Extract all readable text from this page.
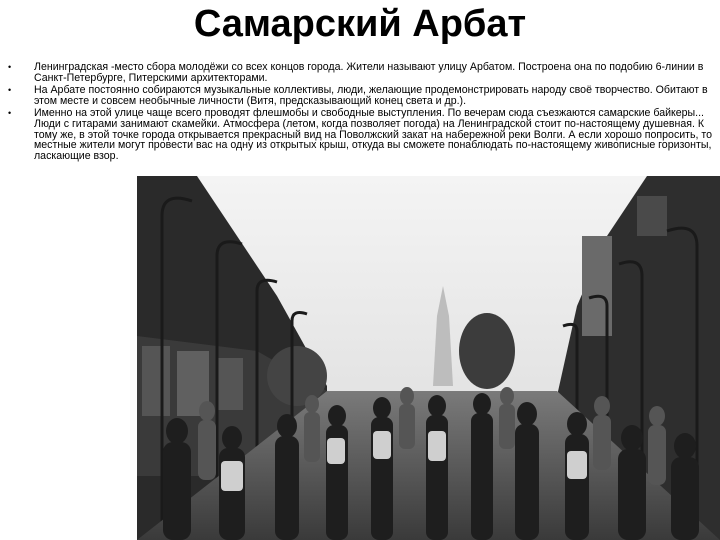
Самарский Арбат
• Ленинградская -место сбора молодёжи со всех концов города. Жители называют улицу Арбатом. Построена она по подобию 6-линии в Санкт-Петербурге, Питерскими архитекторами.
• На Арбате постоянно собираются музыкальные коллективы, люди, желающие продемонстрировать народу своё творчество. Обитают в этом месте и совсем необычные личности (Витя, предсказывающий конец света и др.).
• Именно на этой улице чаще всего проводят флешмобы и свободные выступления. По вечерам сюда съезжаются самарские байкеры... Люди с гитарами занимают скамейки. Атмосфера (летом, когда позволяет погода) на Ленинградской стоит по-настоящему душевная. К тому же, в этой точке города открывается прекрасный вид на Поволжский закат на набережной реки Волги. А если хорошо попросить, то местные жители могут провести вас на одну из открытых крыш, откуда вы сможете понаблюдать по-настоящему живописные горизонты, ласкающие взор.
